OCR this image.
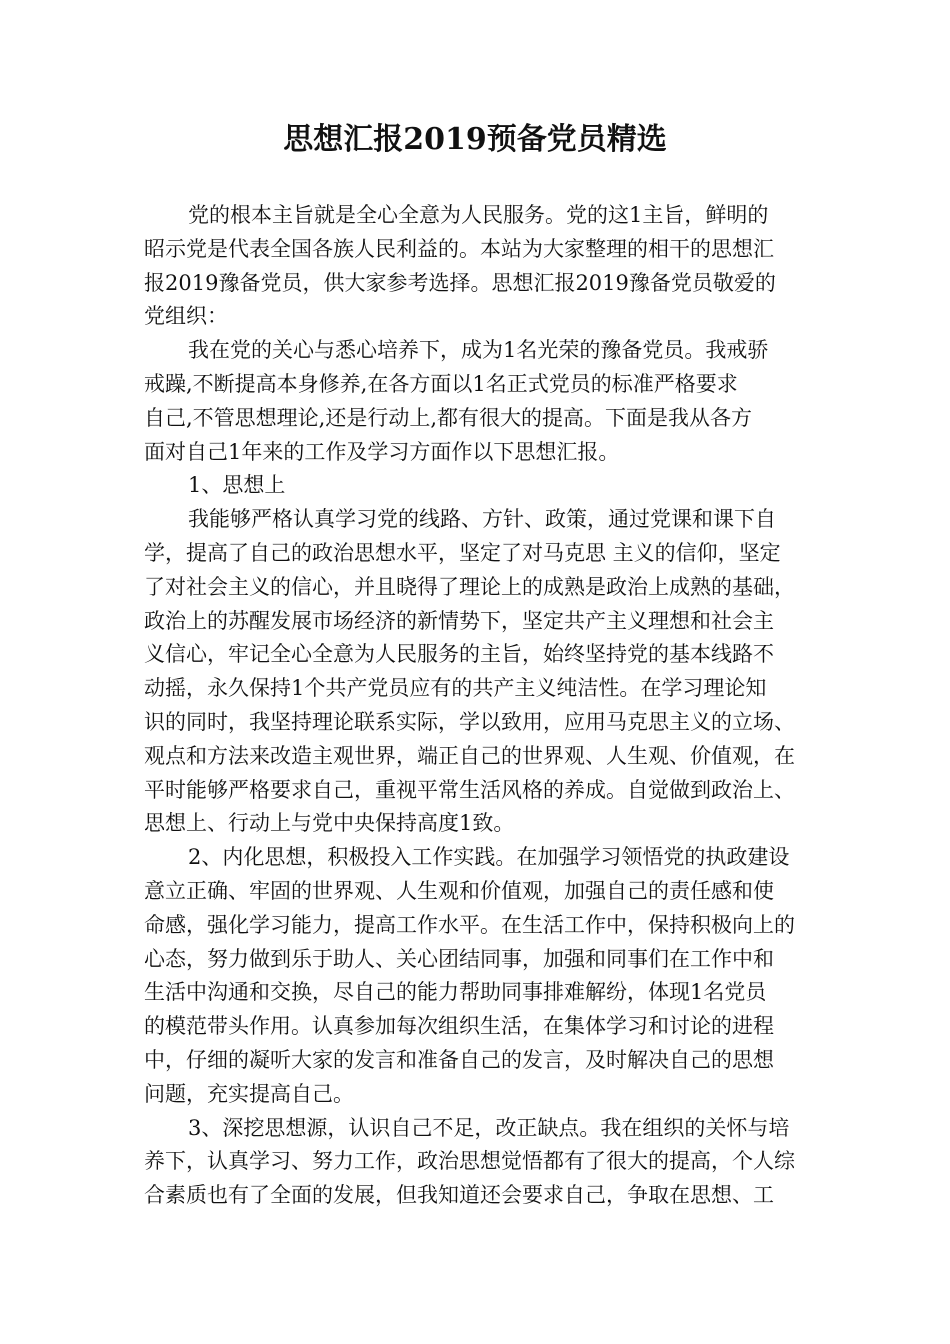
思想汇报2019预备党员精选
党的根本主旨就是全心全意为人民服务。党的这1主旨，鲜明的
昭示党是代表全国各族人民利益的。本站为大家整理的相干的思想汇
报2019豫备党员，供大家参考选择。思想汇报2019豫备党员敬爱的
党组织：
我在党的关心与悉心培养下，成为1名光荣的豫备党员。我戒骄
戒躁,不断提高本身修养,在各方面以1名正式党员的标准严格要求
自己,不管思想理论,还是行动上,都有很大的提高。下面是我从各方
面对自己1年来的工作及学习方面作以下思想汇报。
1、思想上
我能够严格认真学习党的线路、方针、政策，通过党课和课下自
学，提高了自己的政治思想水平，坚定了对马克思 主义的信仰，坚定
了对社会主义的信心，并且晓得了理论上的成熟是政治上成熟的基础，
政治上的苏醒发展市场经济的新情势下，坚定共产主义理想和社会主
义信心，牢记全心全意为人民服务的主旨，始终坚持党的基本线路不
动摇，永久保持1个共产党员应有的共产主义纯洁性。在学习理论知
识的同时，我坚持理论联系实际，学以致用，应用马克思主义的立场、
观点和方法来改造主观世界，端正自己的世界观、人生观、价值观，在
平时能够严格要求自己，重视平常生活风格的养成。自觉做到政治上、
思想上、行动上与党中央保持高度1致。
2、内化思想，积极投入工作实践。在加强学习领悟党的执政建设
意立正确、牢固的世界观、人生观和价值观，加强自己的责任感和使
命感，强化学习能力，提高工作水平。在生活工作中，保持积极向上的
心态，努力做到乐于助人、关心团结同事，加强和同事们在工作中和
生活中沟通和交换，尽自己的能力帮助同事排难解纷，体现1名党员
的模范带头作用。认真参加每次组织生活，在集体学习和讨论的进程
中，仔细的凝听大家的发言和准备自己的发言，及时解决自己的思想
问题，充实提高自己。
3、深挖思想源，认识自己不足，改正缺点。我在组织的关怀与培
养下，认真学习、努力工作，政治思想觉悟都有了很大的提高，个人综
合素质也有了全面的发展，但我知道还会要求自己，争取在思想、工
